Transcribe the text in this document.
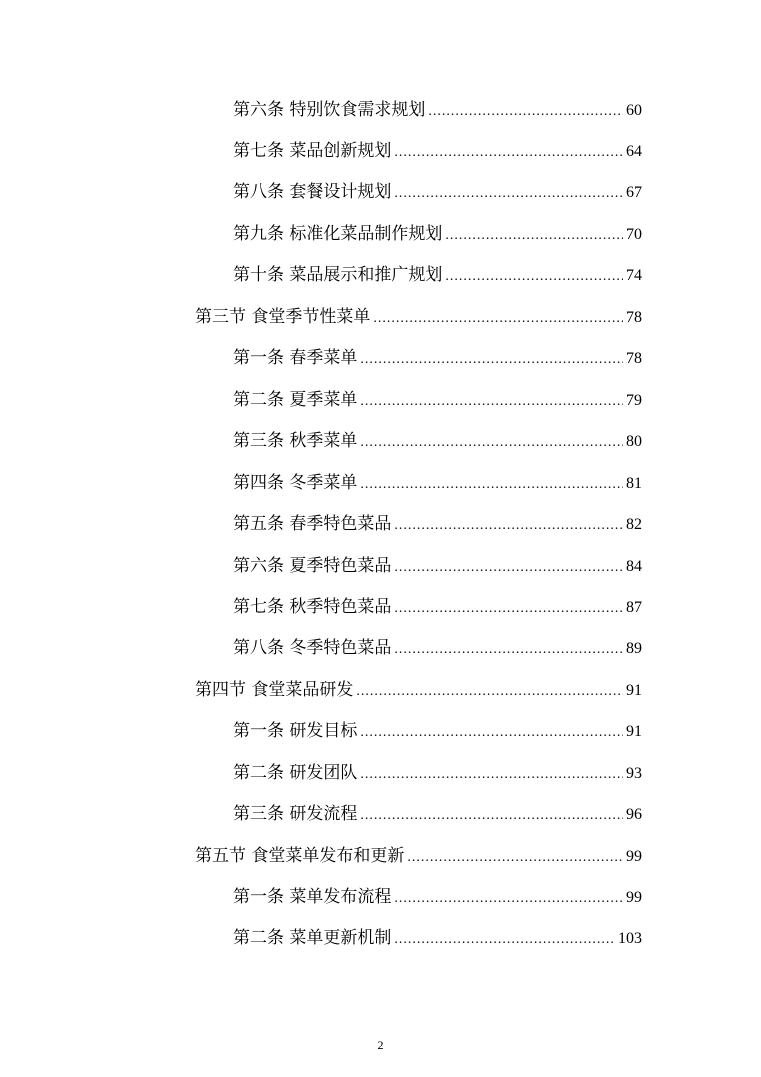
第六条 特别饮食需求规划 .....	60
第七条 菜品创新规划 .....	64
第八条 套餐设计规划 .....	67
第九条 标准化菜品制作规划 .....	70
第十条 菜品展示和推广规划 .....	74
第三节 食堂季节性菜单 .....	78
第一条 春季菜单 .....	78
第二条 夏季菜单 .....	79
第三条 秋季菜单 .....	80
第四条 冬季菜单 .....	81
第五条 春季特色菜品 .....	82
第六条 夏季特色菜品 .....	84
第七条 秋季特色菜品 .....	87
第八条 冬季特色菜品 .....	89
第四节 食堂菜品研发 .....	91
第一条 研发目标 .....	91
第二条 研发团队 .....	93
第三条 研发流程 .....	96
第五节 食堂菜单发布和更新 .....	99
第一条 菜单发布流程 .....	99
第二条 菜单更新机制 .....	103
2
